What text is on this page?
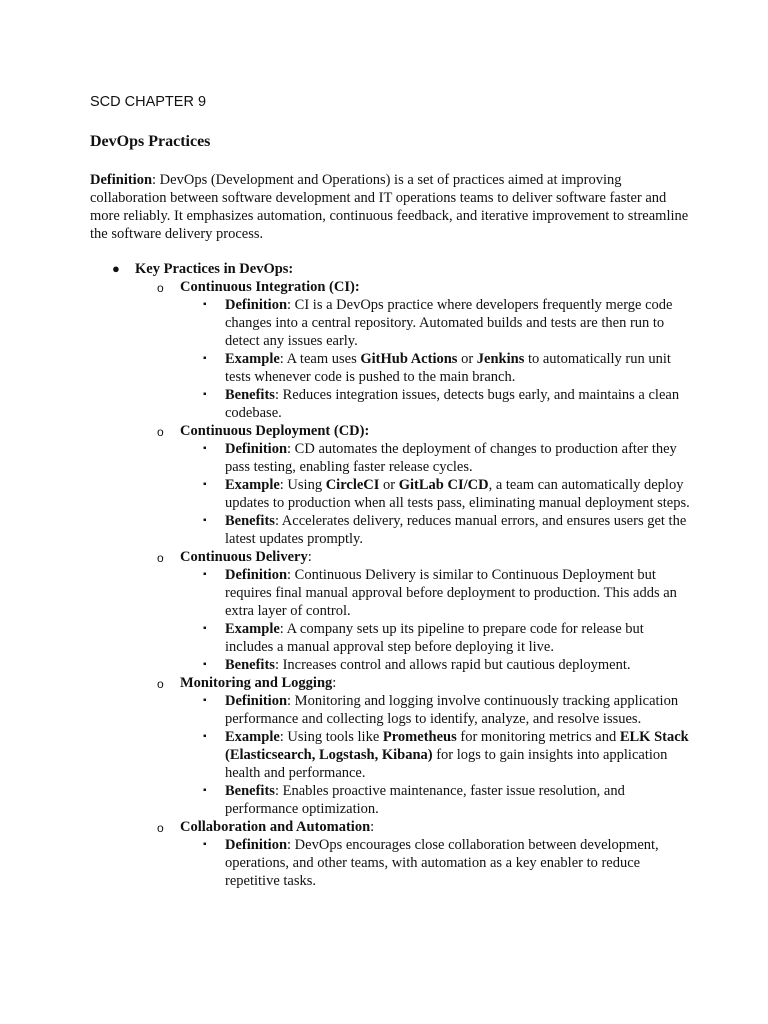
SCD CHAPTER 9
DevOps Practices

Definition: DevOps (Development and Operations) is a set of practices aimed at improving collaboration between software development and IT operations teams to deliver software faster and more reliably. It emphasizes automation, continuous feedback, and iterative improvement to streamline the software delivery process.

● Key Practices in DevOps:
o Continuous Integration (CI):
▪ Definition: CI is a DevOps practice where developers frequently merge code changes into a central repository. Automated builds and tests are then run to detect any issues early.
▪ Example: A team uses GitHub Actions or Jenkins to automatically run unit tests whenever code is pushed to the main branch.
▪ Benefits: Reduces integration issues, detects bugs early, and maintains a clean codebase.
o Continuous Deployment (CD):
▪ Definition: CD automates the deployment of changes to production after they pass testing, enabling faster release cycles.
▪ Example: Using CircleCI or GitLab CI/CD, a team can automatically deploy updates to production when all tests pass, eliminating manual deployment steps.
▪ Benefits: Accelerates delivery, reduces manual errors, and ensures users get the latest updates promptly.
o Continuous Delivery:
▪ Definition: Continuous Delivery is similar to Continuous Deployment but requires final manual approval before deployment to production. This adds an extra layer of control.
▪ Example: A company sets up its pipeline to prepare code for release but includes a manual approval step before deploying it live.
▪ Benefits: Increases control and allows rapid but cautious deployment.
o Monitoring and Logging:
▪ Definition: Monitoring and logging involve continuously tracking application performance and collecting logs to identify, analyze, and resolve issues.
▪ Example: Using tools like Prometheus for monitoring metrics and ELK Stack (Elasticsearch, Logstash, Kibana) for logs to gain insights into application health and performance.
▪ Benefits: Enables proactive maintenance, faster issue resolution, and performance optimization.
o Collaboration and Automation:
▪ Definition: DevOps encourages close collaboration between development, operations, and other teams, with automation as a key enabler to reduce repetitive tasks.
